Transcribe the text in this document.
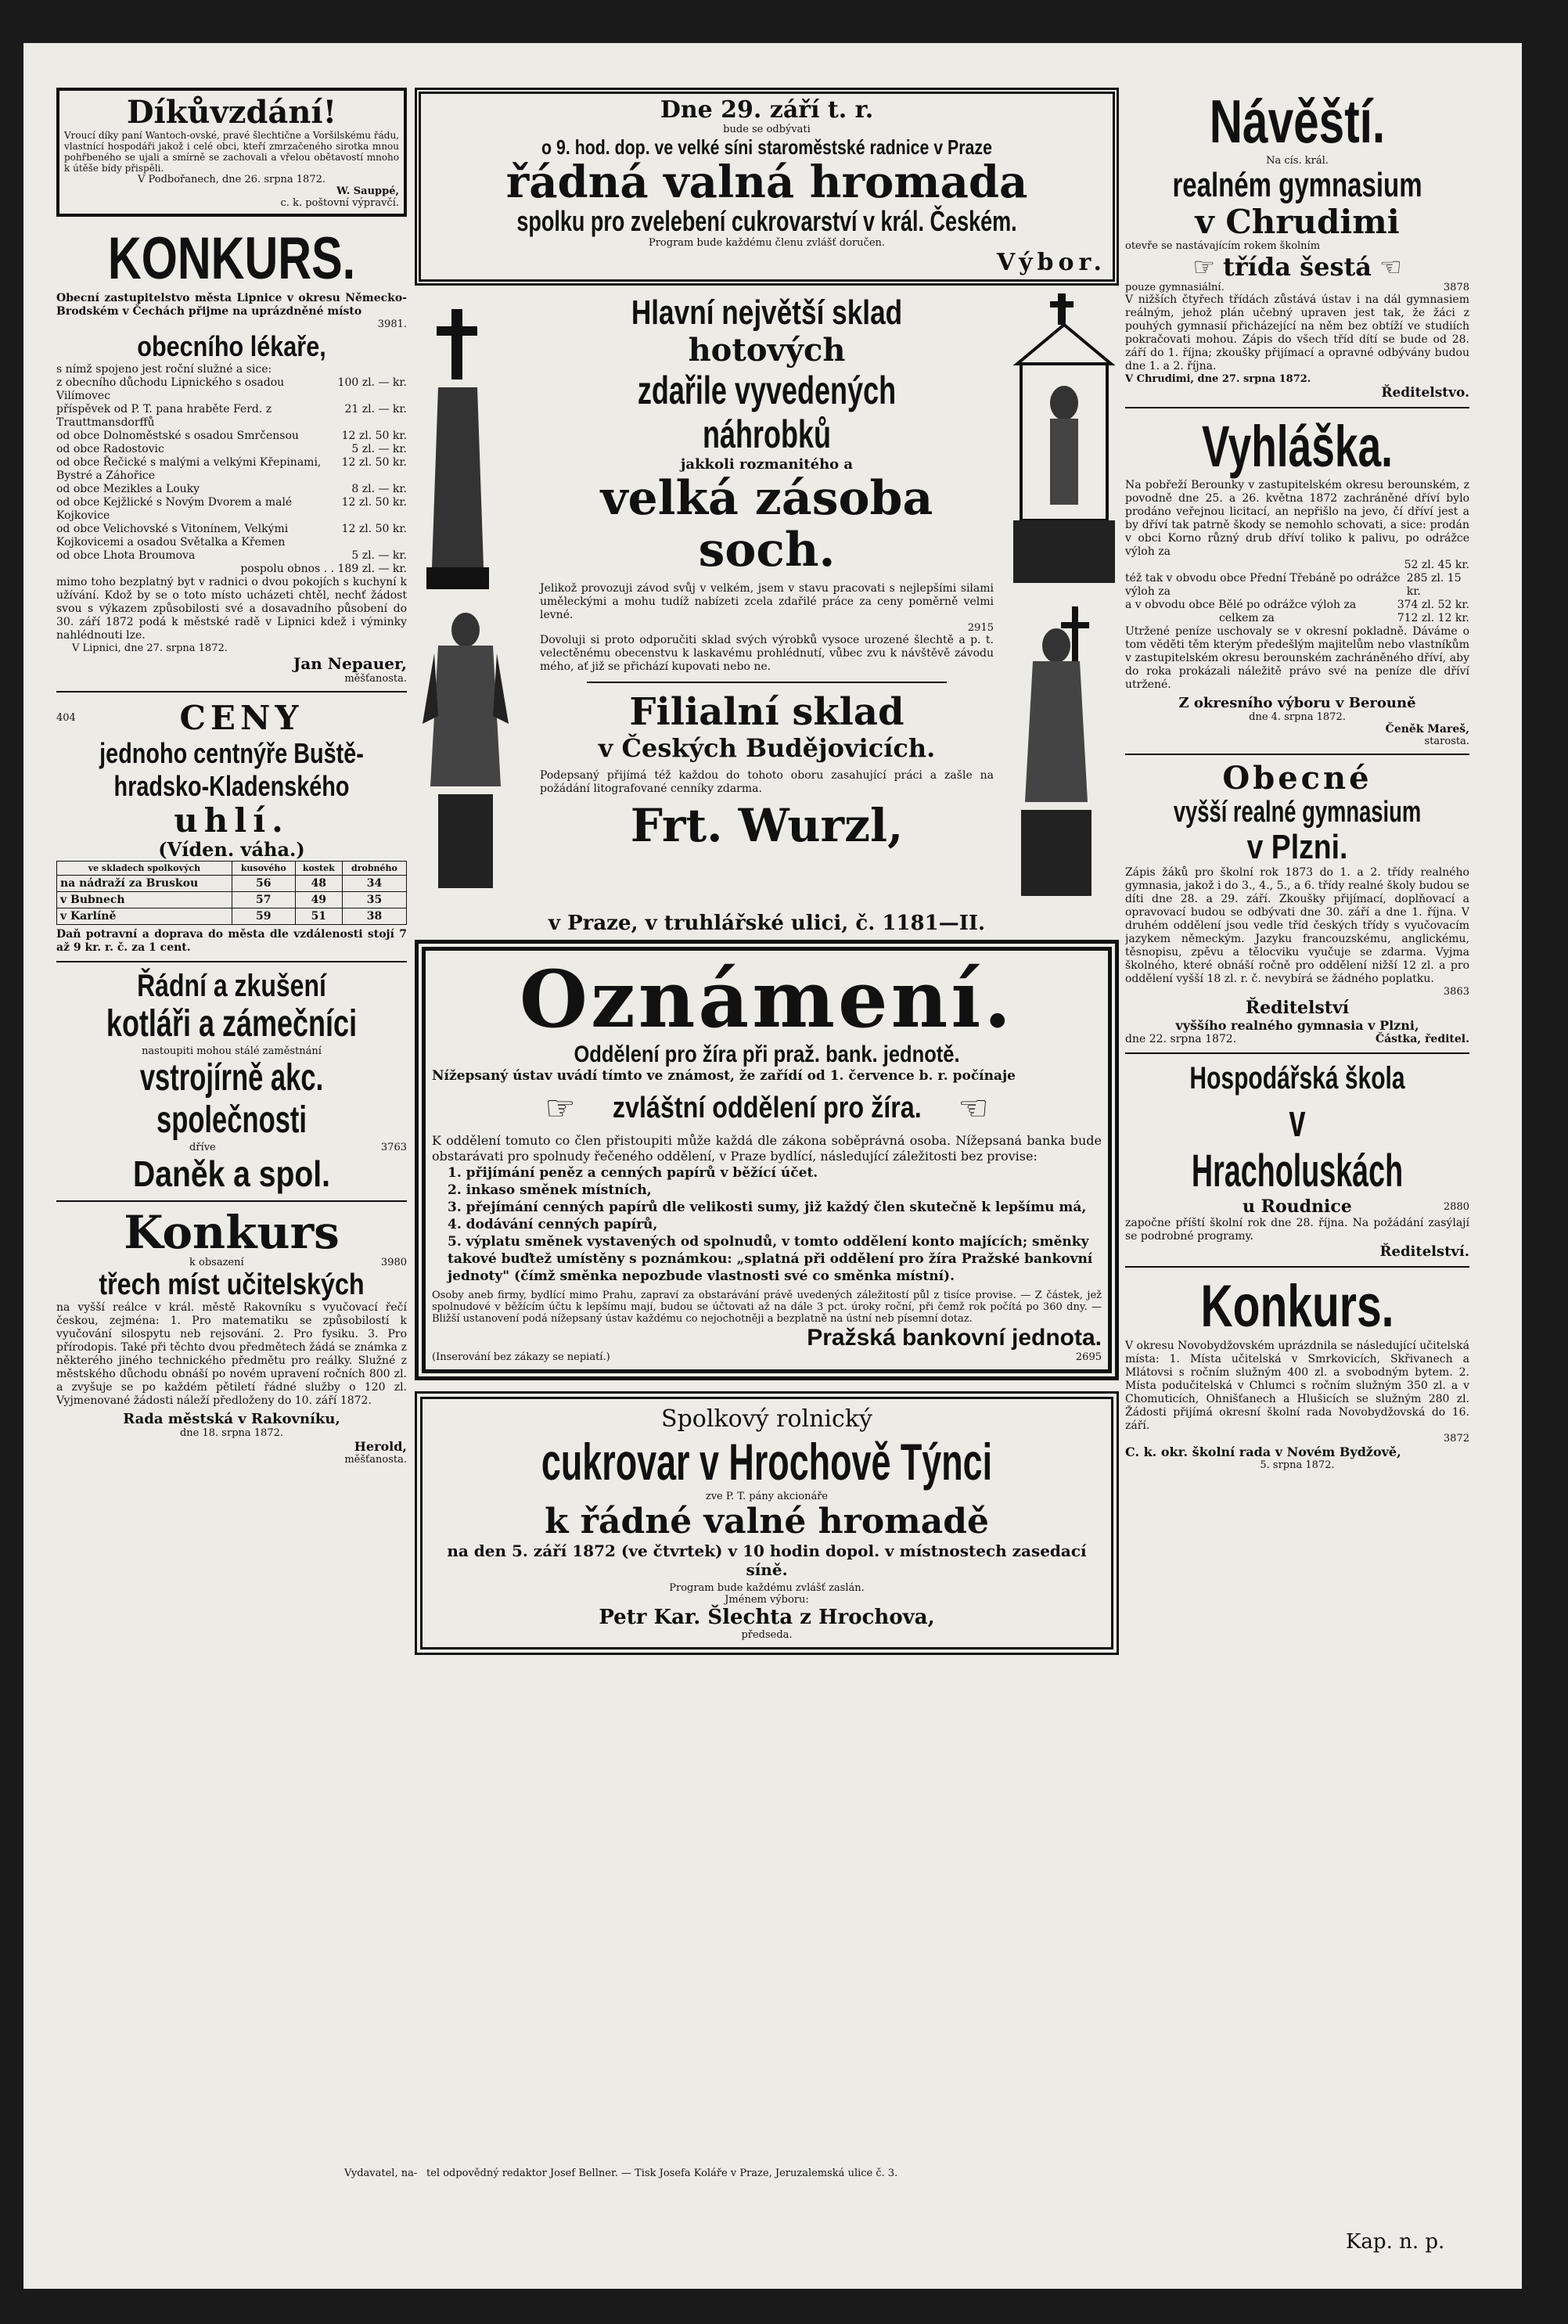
Díkůvzdání!
Vroucí díky paní Wantoch-ovské, pravé šlechtične a Voršilskému řádu, vlastnící hospodáři jakož i celé obci, kteří zmrzačeného sirotka mnou pohřbeného se ujali a smírně se zachovali a vřelou obětavostí mnoho k útěše bídy přispěli.
V Podbořanech, dne 26. srpna 1872.
W. Sauppé,
c. k. poštovní výpravčí.
KONKURS.
Obecní zastupitelstvo města Lipnice v okresu Německo-Brodském v Čechách přijme na uprázdněné místo
3981.
obecního lékaře,
s nímž spojeno jest roční služné a sice:
z obecního důchodu Lipnického s osadou Vilímovec
100 zl. — kr.
příspěvek od P. T. pana hraběte Ferd. z Trauttmansdorffů
21 zl. — kr.
od obce Dolnoměstské s osadou Smrčensou	12 zl. 50 kr.
od obce Radostovic	5 zl. — kr.
od obce Řečické s malými a velkými Křepinami, Bystré a Záhořice
12 zl. 50 kr.
od obce Mezikles a Louky	8 zl. — kr.
od obce Kejžlické s Novým Dvorem a malé Kojkovice
12 zl. 50 kr.
od obce Velichovské s Vitonínem, Velkými Kojkovicemi a osadou Světalka a Křemen
12 zl. 50 kr.
od obce Lhota Broumova	5 zl. — kr.
pospolu obnos . . 189 zl. — kr.
mimo toho bezplatný byt v radnici o dvou pokojích s kuchyní k užívání. Kdož by se o toto místo ucházeti chtěl, nechť žádost svou s výkazem způsobilosti své a dosavadního působení do 30. září 1872 podá k městské radě v Lipnici kdež i výminky nahlédnouti lze.
V Lipnici, dne 27. srpna 1872.
Jan Nepauer,
měšťanosta.
404	CENY
jednoho centnýře Buště-
hradsko-Kladenského
uhlí.
(Víden. váha.)
ve skladech spolkových	kusového	kostek	drobného
na nádraží za Bruskou	56	48	34
v Bubnech	57	49	35
v Karlíně	59	51	38
Daň potravní a doprava do města dle vzdálenosti stojí 7 až 9 kr. r. č. za 1 cent.
Řádní a zkušení
kotláři a zámečníci
nastoupiti mohou stálé zaměstnání
vstrojírně akc. společnosti
dříve	3763
Daněk a spol.
Konkurs
k obsazení	3980
třech míst učitelských
na vyšší reálce v král. městě Rakovníku s vyučovací řečí českou, zejména: 1. Pro matematiku se způsobilostí k vyučování silospytu neb rejsování. 2. Pro fysiku. 3. Pro přírodopis. Také při těchto dvou předmětech žádá se známka z některého jiného technického předmětu pro reálky. Služné z městského důchodu obnáší po novém upravení ročních 800 zl. a zvyšuje se po každém pětiletí řádné služby o 120 zl. Vyjmenované žádosti náleží předloženy do 10. září 1872.
Rada městská v Rakovníku,
dne 18. srpna 1872.
Herold,
měšťanosta.
Dne 29. září t. r.
bude se odbývati
o 9. hod. dop. ve velké síni staroměstské radnice v Praze
řádná valná hromada
spolku pro zvelebení cukrovarství v král. Českém.
Program bude každému členu zvlášť doručen.
Výbor.
Hlavní největší sklad
hotových
zdařile vyvedených náhrobků
jakkoli rozmanitého a
velká zásoba soch.
Jelikož provozuji závod svůj v velkém, jsem v stavu pracovati s nejlepšími silami uměleckými a mohu tudíž nabízeti zcela zdařilé práce za ceny poměrně velmi levné.
2915
Dovoluji si proto odporučiti sklad svých výrobků vysoce urozené šlechtě a p. t. velectěnému obecenstvu k laskavému prohlédnutí, vůbec zvu k návštěvě závodu mého, ať již se přichází kupovati nebo ne.
Filialní sklad
v Českých Budějovicích.
Podepsaný přijímá též každou do tohoto oboru zasahující práci a zašle na požádání litografované cenníky zdarma.
Frt. Wurzl,
v Praze, v truhlářské ulici, č. 1181—II.
Oznámení.
Oddělení pro žíra při praž. bank. jednotě.
Nížepsaný ústav uvádí tímto ve známost, že zařídí od 1. července b. r. počínaje
☞ zvláštní oddělení pro žíra. ☜
K oddělení tomuto co člen přistoupiti může každá dle zákona soběprávná osoba. Nížepsaná banka bude obstarávati pro spolnudy řečeného oddělení, v Praze bydlící, následující záležitosti bez provise:
1. přijímání peněz a cenných papírů v běžící účet.
2. inkaso směnek místních,
3. přejímání cenných papírů dle velikosti sumy, již každý člen skutečně k lepšímu má,
4. dodávání cenných papírů,
5. výplatu směnek vystavených od spolnudů, v tomto oddělení konto majících; směnky takové buďtež umístěny s poznámkou: „splatná při oddělení pro žíra Pražské bankovní jednoty" (čímž směnka nepozbude vlastnosti své co směnka místní).
Osoby aneb firmy, bydlící mimo Prahu, zapraví za obstarávání právě uvedených záležitostí půl z tisíce provise. — Z částek, jež spolnudové v běžícím účtu k lepšímu mají, budou se účtovati až na dále 3 pct. úroky roční, při čemž rok počítá po 360 dny. — Bližší ustanovení podá nížepsaný ústav každému co nejochotněji a bezplatně na ústní neb písemní dotaz.
Pražská bankovní jednota.
(Inserování bez zákazy se nepiatí.)	2695
Spolkový rolnický
cukrovar v Hrochově Týnci
zve P. T. pány akcionáře
k řádné valné hromadě
na den 5. září 1872 (ve čtvrtek) v 10 hodin dopol. v místnostech zasedací síně.
Program bude každému zvlášť zaslán.
Jménem výboru:
Petr Kar. Šlechta z Hrochova,
předseda.
Návěští.
Na cís. král.
realném gymnasium
v Chrudimi
otevře se nastávajícím rokem školním
☞ třída šestá ☜
pouze gymnasiální.	3878
V nižších čtyřech třídách zůstává ústav i na dál gymnasiem reálným, jehož plán učebný upraven jest tak, že žáci z pouhých gymnasií přicházející na něm bez obtíží ve studiích pokračovati mohou. Zápis do všech tříd dítí se bude od 28. září do 1. října; zkoušky přijímací a opravné odbývány budou dne 1. a 2. října.
V Chrudimi, dne 27. srpna 1872.
Ředitelstvo.
Vyhláška.
Na pobřeží Berounky v zastupitelském okresu berounském, z povodně dne 25. a 26. května 1872 zachráněné dříví bylo prodáno veřejnou licitací, an nepřišlo na jevo, čí dříví jest a by dříví tak patrně škody se nemohlo schovati, a sice: prodán v obci Korno různý drub dříví toliko k palivu, po odrážce výloh za
52 zl. 45 kr.
též tak v obvodu obce Přední Třebáně po odrážce výloh za
285 zl. 15 kr.
a v obvodu obce Bělé po odrážce výloh za	374 zl. 52 kr.
celkem za	712 zl. 12 kr.
Utržené peníze uschovaly se v okresní pokladně. Dáváme o tom věděti těm kterým předešlým majitelům nebo vlastníkům v zastupitelském okresu berounském zachráněného dříví, aby do roka prokázali náležitě právo své na peníze dle dříví utržené.
Z okresního výboru v Berouně
dne 4. srpna 1872.
Čeněk Mareš,
starosta.
Obecné
vyšší realné gymnasium
v Plzni.
Zápis žáků pro školní rok 1873 do 1. a 2. třídy realného gymnasia, jakož i do 3., 4., 5., a 6. třídy realné školy budou se díti dne 28. a 29. září. Zkoušky přijímací, doplňovací a opravovací budou se odbývati dne 30. září a dne 1. října. V druhém oddělení jsou vedle tříd českých třídy s vyučovacím jazykem německým. Jazyku francouzskému, anglickému, těsnopisu, zpěvu a tělocviku vyučuje se zdarma. Vyjma školného, které obnáší ročně pro oddělení nižší 12 zl. a pro oddělení vyšší 18 zl. r. č. nevybírá se žádného poplatku.
3863
Ředitelství
vyššího realného gymnasia v Plzni,
dne 22. srpna 1872.	Částka, ředitel.
Hospodářská škola
v Hracholuskách
u Roudnice	2880
započne příští školní rok dne 28. října. Na požádání zasýlají se podrobné programy.
Ředitelství.
Konkurs.
V okresu Novobydžovském uprázdnila se následující učitelská místa: 1. Místa učitelská v Smrkovicích, Skřivanech a Mlátovsi s ročním služným 400 zl. a svobodným bytem. 2. Místa podučitelská v Chlumci s ročním služným 350 zl. a v Chomuticích, Ohnišťanech a Hlušicích se služným 280 zl. Žádosti přijímá okresní školní rada Novobydžovská do 16. září.
3872
C. k. okr. školní rada v Novém Bydžově,
5. srpna 1872.
Vydavatel, na- tel odpovědný redaktor Josef Bellner. — Tisk Josefa Koláře v Praze, Jeruzalemská ulice č. 3.
Kap. n. p.
